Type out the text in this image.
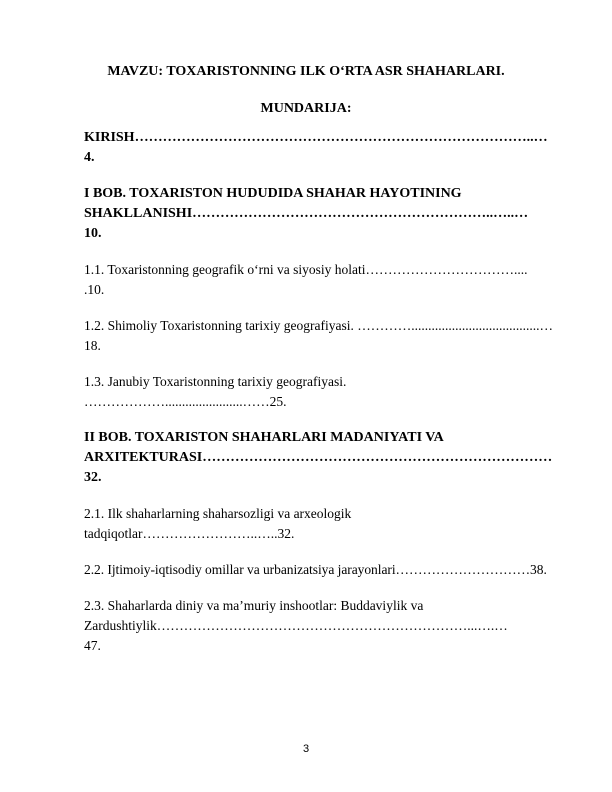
MAVZU: TOXARISTONNING ILK O‘RTA ASR SHAHARLARI.

MUNDARIJA:

KIRISH…………………………………………………………………………..…
4.

I BOB. TOXARISTON HUDUDIDA SHAHAR HAYOTINING
SHAKLLANISHI………………………………………………………..…..…
10.

1.1. Toxaristonning geografik o‘rni va siyosiy holati……………………………....
.10.

1.2. Shimoliy Toxaristonning tarixiy geografiyasi. …………......................................…
18.

1.3. Janubiy Toxaristonning tarixiy geografiyasi.
……………….......................……25.

II BOB. TOXARISTON SHAHARLARI MADANIYATI VA
ARXITEKTURASI…………………………………………………………………
32.

2.1. Ilk shaharlarning shaharsozligi va arxeologik
tadqiqotlar……………………..…..32.

2.2. Ijtimoiy-iqtisodiy omillar va urbanizatsiya jarayonlari…………………………38.

2.3. Shaharlarda diniy va ma’muriy inshootlar: Buddaviylik va
Zardushtiylik……………………………………………………………...….…
47.

3
